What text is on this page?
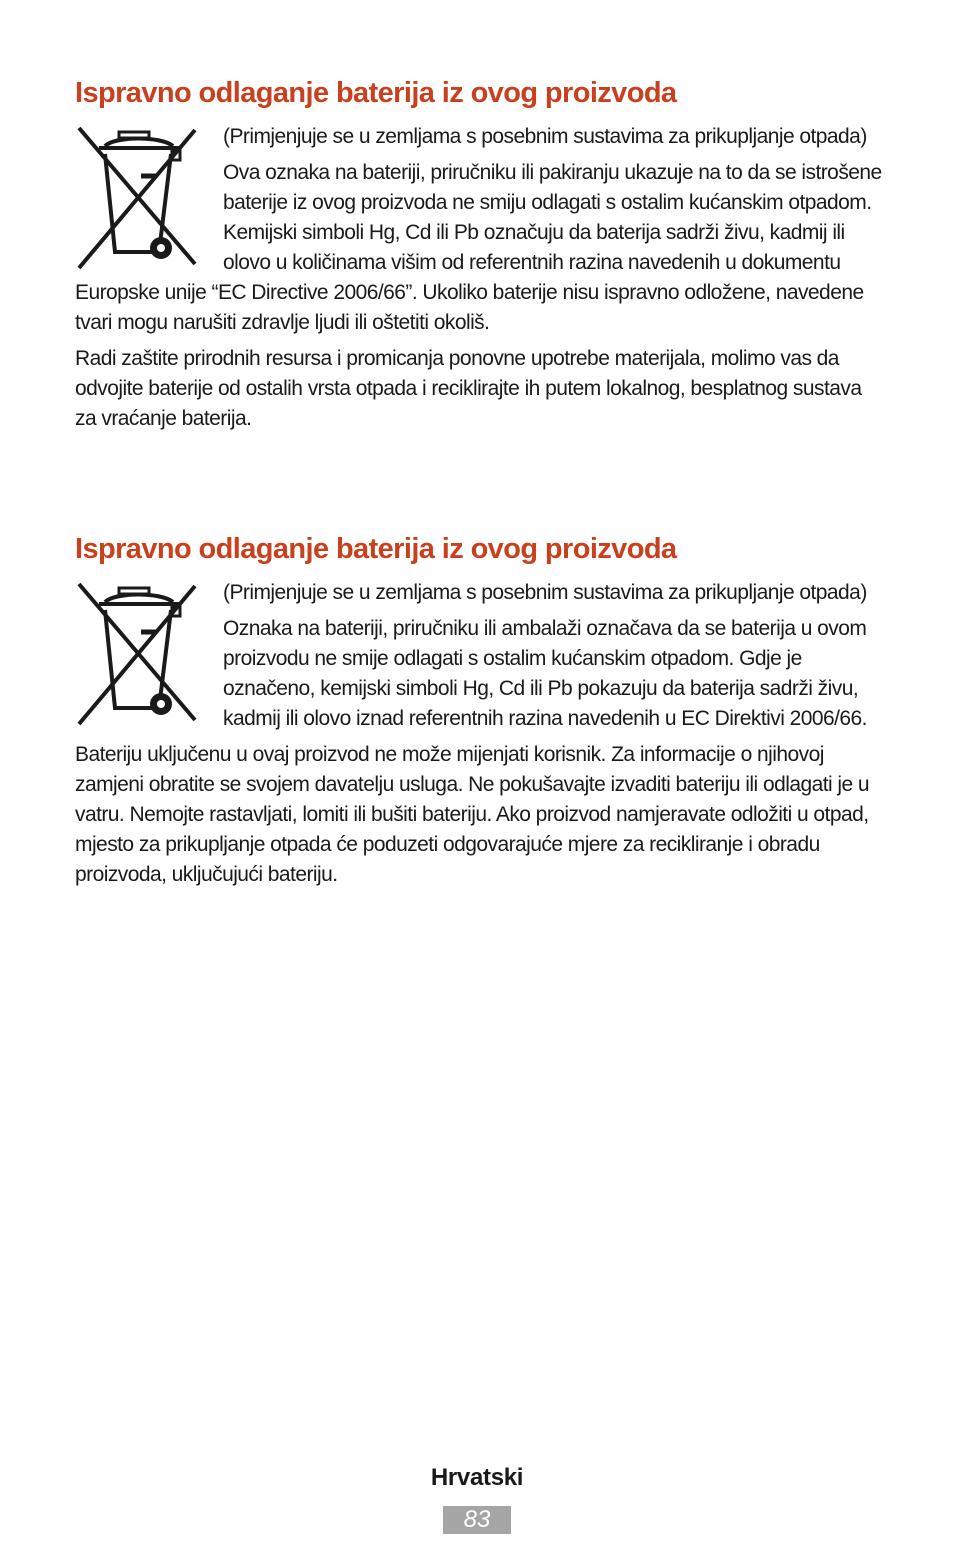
Ispravno odlaganje baterija iz ovog proizvoda

(Primjenjuje se u zemljama s posebnim sustavima za prikupljanje otpada)

Ova oznaka na bateriji, priručniku ili pakiranju ukazuje na to da se istrošene baterije iz ovog proizvoda ne smiju odlagati s ostalim kućanskim otpadom. Kemijski simboli Hg, Cd ili Pb označuju da baterija sadrži živu, kadmij ili olovo u količinama višim od referentnih razina navedenih u dokumentu Europske unije “EC Directive 2006/66”. Ukoliko baterije nisu ispravno odložene, navedene tvari mogu narušiti zdravlje ljudi ili oštetiti okoliš.

Radi zaštite prirodnih resursa i promicanja ponovne upotrebe materijala, molimo vas da odvojite baterije od ostalih vrsta otpada i reciklirajte ih putem lokalnog, besplatnog sustava za vraćanje baterija.

Ispravno odlaganje baterija iz ovog proizvoda

(Primjenjuje se u zemljama s posebnim sustavima za prikupljanje otpada)

Oznaka na bateriji, priručniku ili ambalaži označava da se baterija u ovom proizvodu ne smije odlagati s ostalim kućanskim otpadom. Gdje je označeno, kemijski simboli Hg, Cd ili Pb pokazuju da baterija sadrži živu, kadmij ili olovo iznad referentnih razina navedenih u EC Direktivi 2006/66.

Bateriju uključenu u ovaj proizvod ne može mijenjati korisnik. Za informacije o njihovoj zamjeni obratite se svojem davatelju usluga. Ne pokušavajte izvaditi bateriju ili odlagati je u vatru. Nemojte rastavljati, lomiti ili bušiti bateriju. Ako proizvod namjeravate odložiti u otpad, mjesto za prikupljanje otpada će poduzeti odgovarajuće mjere za recikliranje i obradu proizvoda, uključujući bateriju.

Hrvatski
83
